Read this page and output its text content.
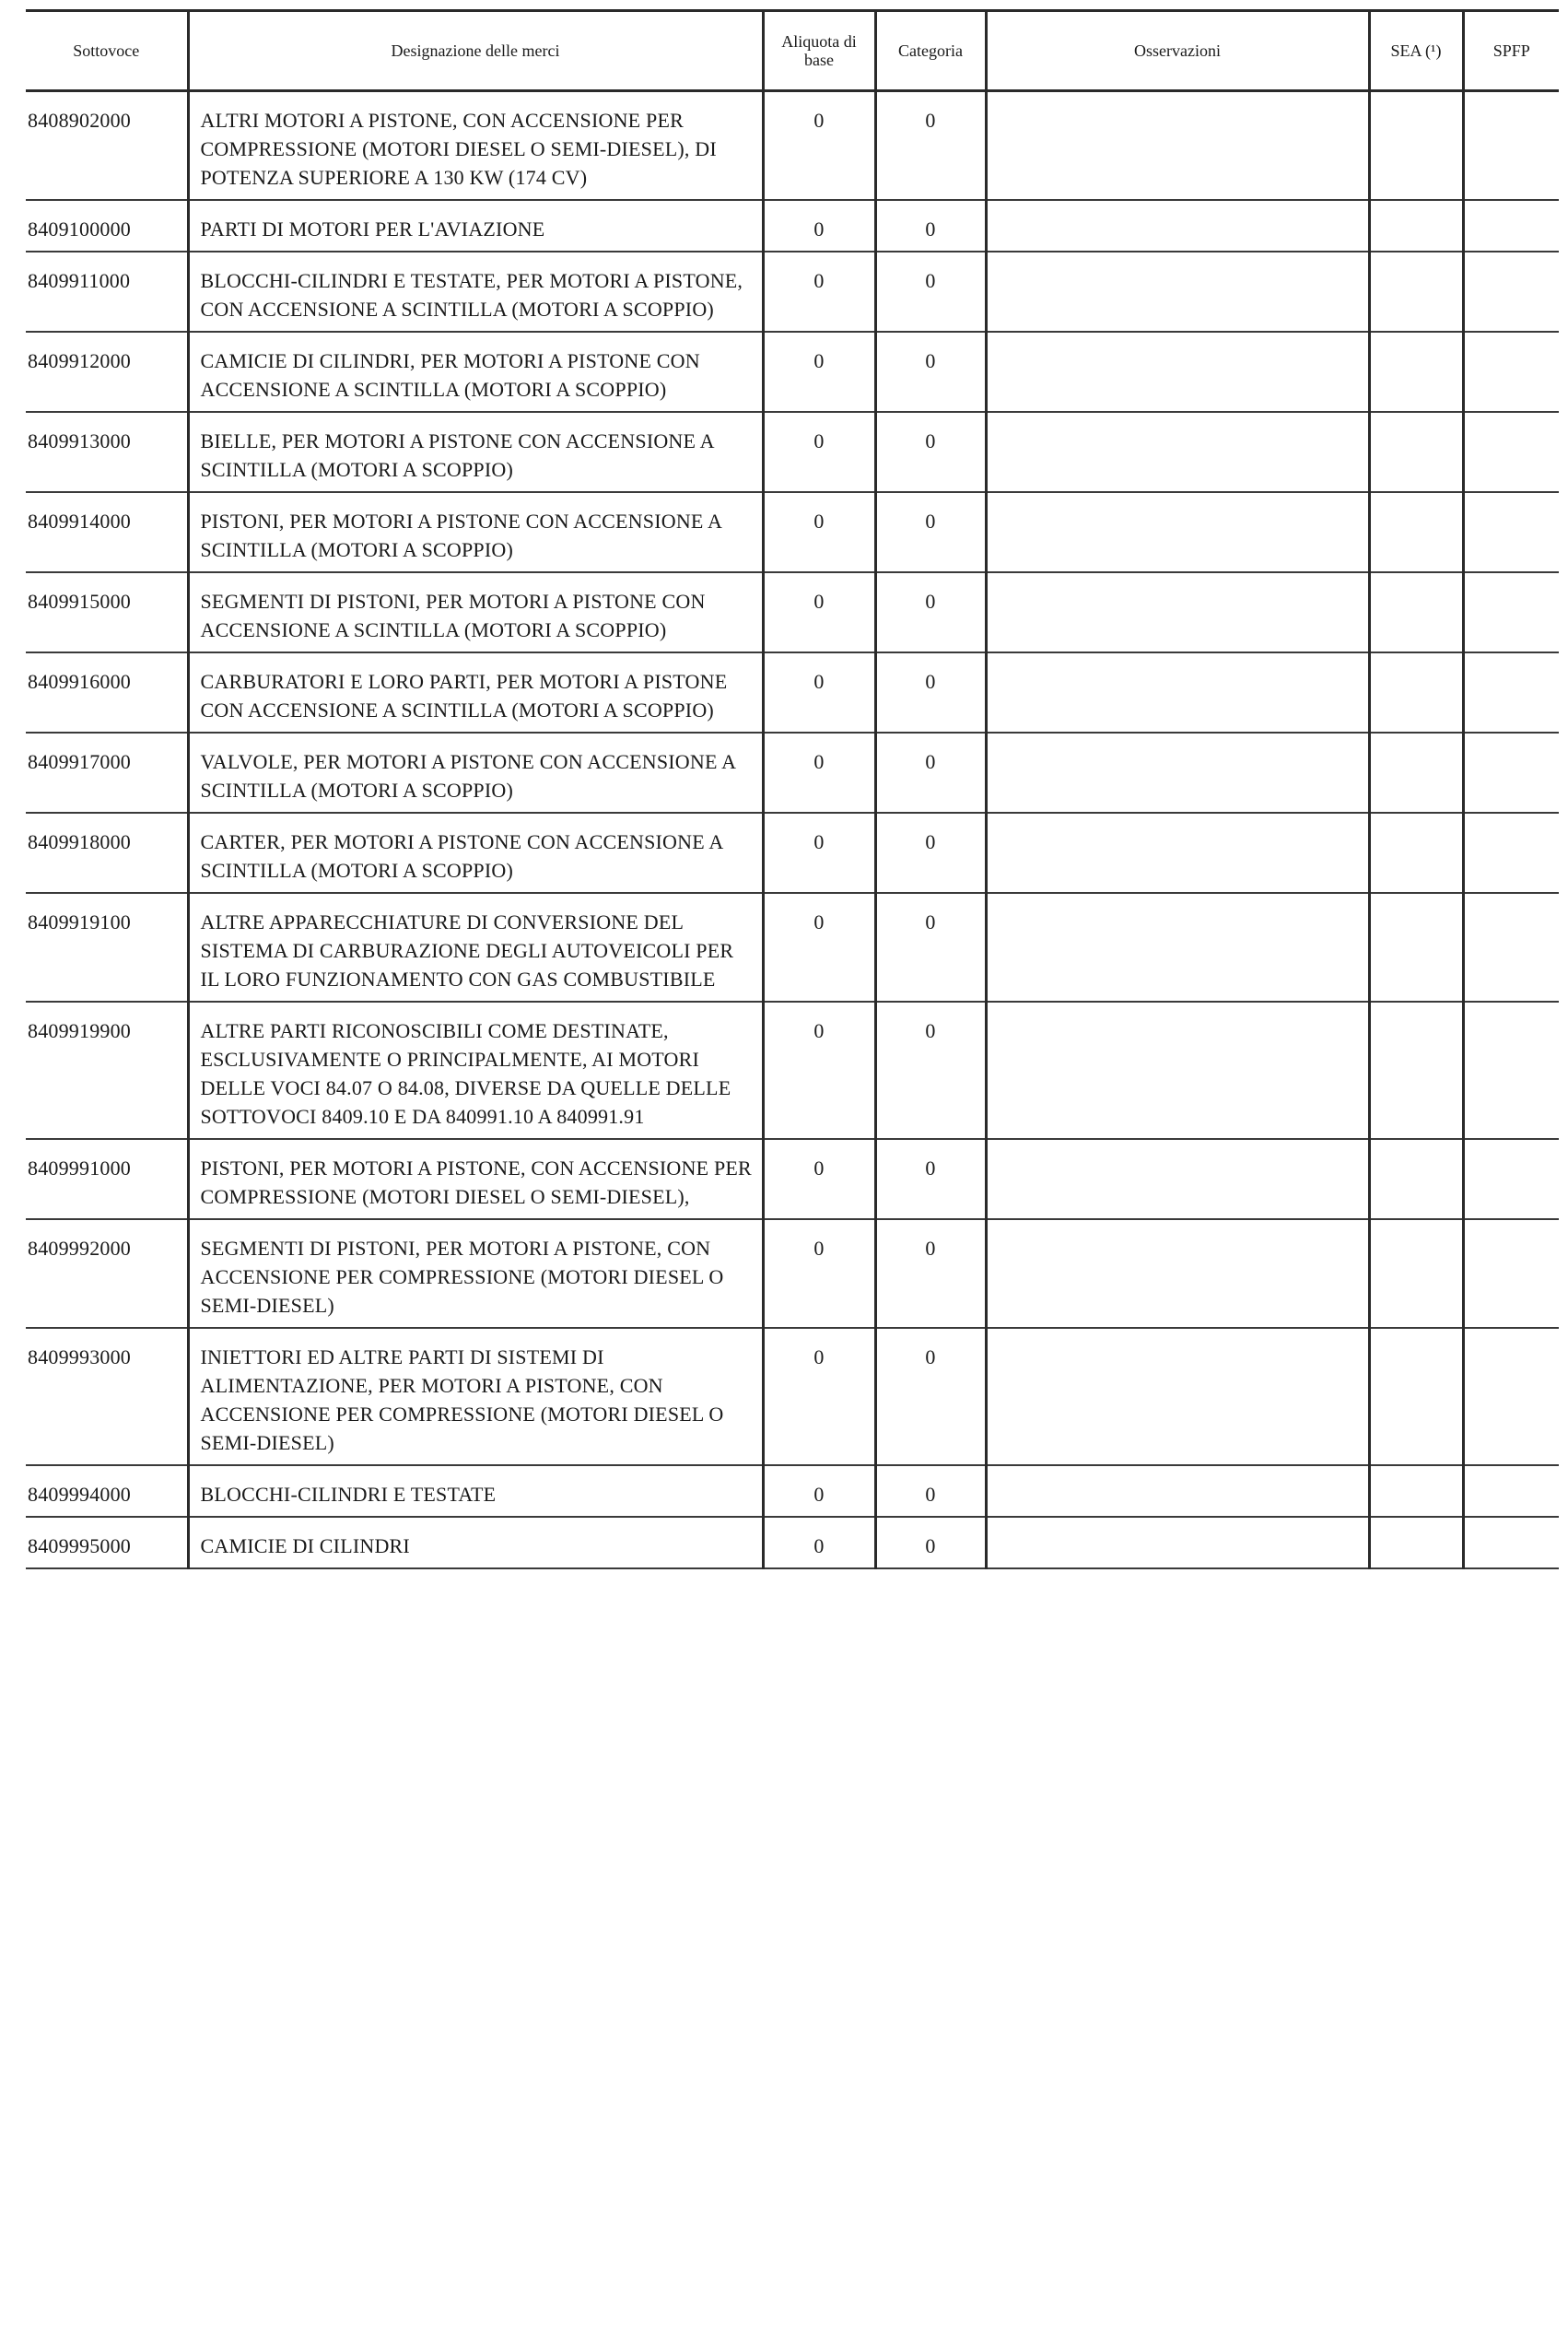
Sottovoce	Designazione delle merci	Aliquota di base	Categoria	Osservazioni	SEA (¹)	SPFP
8408902000	ALTRI MOTORI A PISTONE, CON ACCENSIONE PER COMPRESSIONE (MOTORI DIESEL O SEMI-DIESEL), DI POTENZA SUPERIORE A 130 KW (174 CV)	0	0			
8409100000	PARTI DI MOTORI PER L'AVIAZIONE	0	0			
8409911000	BLOCCHI-CILINDRI E TESTATE, PER MOTORI A PISTONE, CON ACCENSIONE A SCINTILLA (MOTORI A SCOPPIO)	0	0			
8409912000	CAMICIE DI CILINDRI, PER MOTORI A PISTONE CON ACCENSIONE A SCINTILLA (MOTORI A SCOPPIO)	0	0			
8409913000	BIELLE, PER MOTORI A PISTONE CON ACCENSIONE A SCINTILLA (MOTORI A SCOPPIO)	0	0			
8409914000	PISTONI, PER MOTORI A PISTONE CON ACCENSIONE A SCINTILLA (MOTORI A SCOPPIO)	0	0			
8409915000	SEGMENTI DI PISTONI, PER MOTORI A PISTONE CON ACCENSIONE A SCINTILLA (MOTORI A SCOPPIO)	0	0			
8409916000	CARBURATORI E LORO PARTI, PER MOTORI A PISTONE CON ACCENSIONE A SCINTILLA (MOTORI A SCOPPIO)	0	0			
8409917000	VALVOLE, PER MOTORI A PISTONE CON ACCENSIONE A SCINTILLA (MOTORI A SCOPPIO)	0	0			
8409918000	CARTER, PER MOTORI A PISTONE CON ACCENSIONE A SCINTILLA (MOTORI A SCOPPIO)	0	0			
8409919100	ALTRE APPARECCHIATURE DI CONVERSIONE DEL SISTEMA DI CARBURAZIONE DEGLI AUTOVEICOLI PER IL LORO FUNZIONAMENTO CON GAS COMBUSTIBILE	0	0			
8409919900	ALTRE PARTI RICONOSCIBILI COME DESTINATE, ESCLUSIVAMENTE O PRINCIPALMENTE, AI MOTORI DELLE VOCI 84.07 O 84.08, DIVERSE DA QUELLE DELLE SOTTOVOCI 8409.10 E DA 840991.10 A 840991.91	0	0			
8409991000	PISTONI, PER MOTORI A PISTONE, CON ACCENSIONE PER COMPRESSIONE (MOTORI DIESEL O SEMI-DIESEL),	0	0			
8409992000	SEGMENTI DI PISTONI, PER MOTORI A PISTONE, CON ACCENSIONE PER COMPRESSIONE (MOTORI DIESEL O SEMI-DIESEL)	0	0			
8409993000	INIETTORI ED ALTRE PARTI DI SISTEMI DI ALIMENTAZIONE, PER MOTORI A PISTONE, CON ACCENSIONE PER COMPRESSIONE (MOTORI DIESEL O SEMI-DIESEL)	0	0			
8409994000	BLOCCHI-CILINDRI E TESTATE	0	0			
8409995000	CAMICIE DI CILINDRI	0	0			
